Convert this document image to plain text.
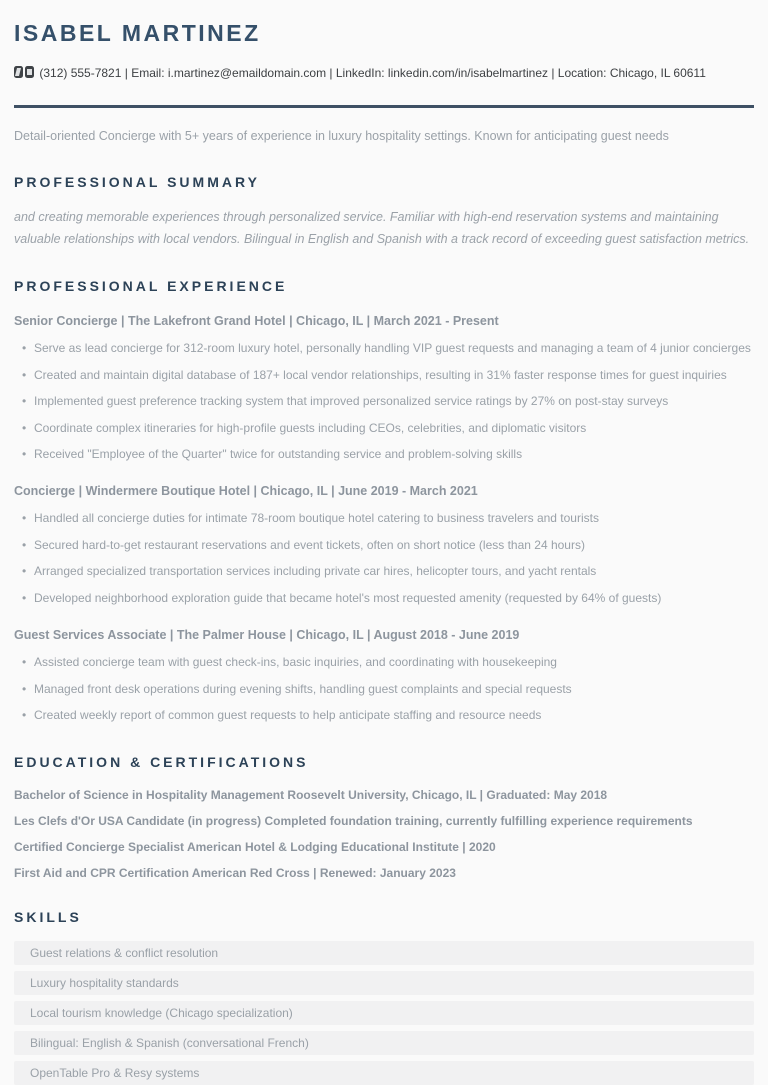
ISABEL MARTINEZ
(312) 555-7821 | Email: i.martinez@emaildomain.com | LinkedIn: linkedin.com/in/isabelmartinez | Location: Chicago, IL 60611

Detail-oriented Concierge with 5+ years of experience in luxury hospitality settings. Known for anticipating guest needs

PROFESSIONAL SUMMARY

and creating memorable experiences through personalized service. Familiar with high-end reservation systems and maintaining valuable relationships with local vendors. Bilingual in English and Spanish with a track record of exceeding guest satisfaction metrics.

PROFESSIONAL EXPERIENCE

Senior Concierge | The Lakefront Grand Hotel | Chicago, IL | March 2021 - Present

• Serve as lead concierge for 312-room luxury hotel, personally handling VIP guest requests and managing a team of 4 junior concierges
• Created and maintain digital database of 187+ local vendor relationships, resulting in 31% faster response times for guest inquiries
• Implemented guest preference tracking system that improved personalized service ratings by 27% on post-stay surveys
• Coordinate complex itineraries for high-profile guests including CEOs, celebrities, and diplomatic visitors
• Received "Employee of the Quarter" twice for outstanding service and problem-solving skills

Concierge | Windermere Boutique Hotel | Chicago, IL | June 2019 - March 2021

• Handled all concierge duties for intimate 78-room boutique hotel catering to business travelers and tourists
• Secured hard-to-get restaurant reservations and event tickets, often on short notice (less than 24 hours)
• Arranged specialized transportation services including private car hires, helicopter tours, and yacht rentals
• Developed neighborhood exploration guide that became hotel's most requested amenity (requested by 64% of guests)

Guest Services Associate | The Palmer House | Chicago, IL | August 2018 - June 2019

• Assisted concierge team with guest check-ins, basic inquiries, and coordinating with housekeeping
• Managed front desk operations during evening shifts, handling guest complaints and special requests
• Created weekly report of common guest requests to help anticipate staffing and resource needs
EDUCATION & CERTIFICATIONS

Bachelor of Science in Hospitality Management Roosevelt University, Chicago, IL | Graduated: May 2018

Les Clefs d'Or USA Candidate (in progress) Completed foundation training, currently fulfilling experience requirements

Certified Concierge Specialist American Hotel & Lodging Educational Institute | 2020

First Aid and CPR Certification American Red Cross | Renewed: January 2023

SKILLS
Guest relations & conflict resolution
Luxury hospitality standards
Local tourism knowledge (Chicago specialization)
Bilingual: English & Spanish (conversational French)
OpenTable Pro & Resy systems
